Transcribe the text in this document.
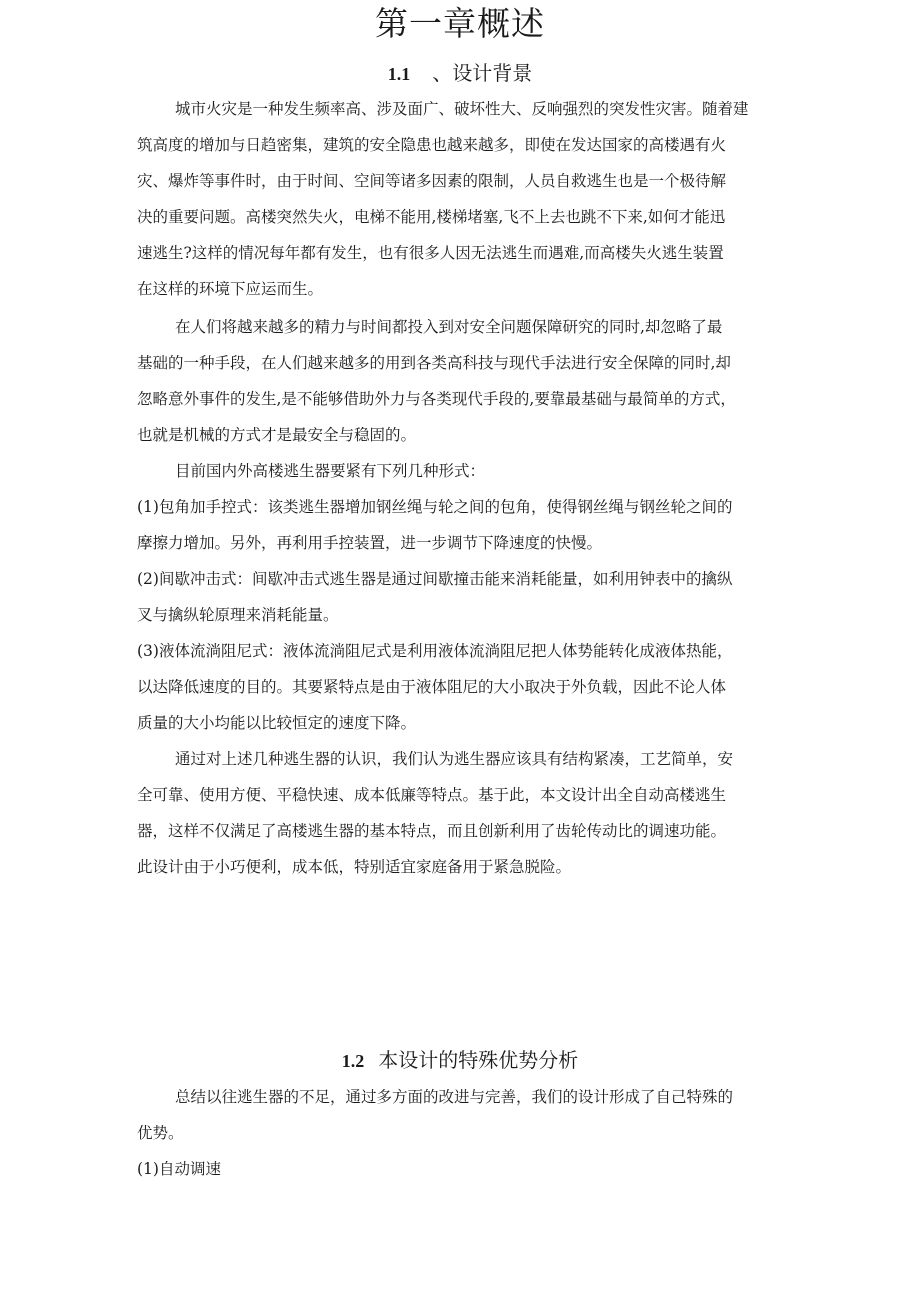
第一章概述
1.1 、设计背景

城市火灾是一种发生频率高、涉及面广、破坏性大、反响强烈的突发性灾害。随着建
筑高度的增加与日趋密集，建筑的安全隐患也越来越多，即使在发达国家的高楼遇有火
灾、爆炸等事件时，由于时间、空间等诸多因素的限制，人员自救逃生也是一个极待解
决的重要问题。高楼突然失火，电梯不能用,楼梯堵塞,飞不上去也跳不下来,如何才能迅
速逃生?这样的情况每年都有发生，也有很多人因无法逃生而遇难,而高楼失火逃生装置
在这样的环境下应运而生。

在人们将越来越多的精力与时间都投入到对安全问题保障研究的同时,却忽略了最
基础的一种手段，在人们越来越多的用到各类高科技与现代手法进行安全保障的同时,却
忽略意外事件的发生,是不能够借助外力与各类现代手段的,要靠最基础与最简单的方式，
也就是机械的方式才是最安全与稳固的。

目前国内外高楼逃生器要紧有下列几种形式：

(1)包角加手控式：该类逃生器增加钢丝绳与轮之间的包角，使得钢丝绳与钢丝轮之间的
摩擦力增加。另外，再利用手控装置，进一步调节下降速度的快慢。

(2)间歇冲击式：间歇冲击式逃生器是通过间歇撞击能来消耗能量，如利用钟表中的擒纵
叉与擒纵轮原理来消耗能量。

(3)液体流淌阻尼式：液体流淌阻尼式是利用液体流淌阻尼把人体势能转化成液体热能，
以达降低速度的目的。其要紧特点是由于液体阻尼的大小取决于外负载，因此不论人体
质量的大小均能以比较恒定的速度下降。

通过对上述几种逃生器的认识，我们认为逃生器应该具有结构紧凑，工艺简单，安
全可靠、使用方便、平稳快速、成本低廉等特点。基于此，本文设计出全自动高楼逃生
器，这样不仅满足了高楼逃生器的基本特点，而且创新利用了齿轮传动比的调速功能。
此设计由于小巧便利，成本低，特别适宜家庭备用于紧急脱险。

1.2 本设计的特殊优势分析

总结以往逃生器的不足，通过多方面的改进与完善，我们的设计形成了自己特殊的
优势。

(1)自动调速
